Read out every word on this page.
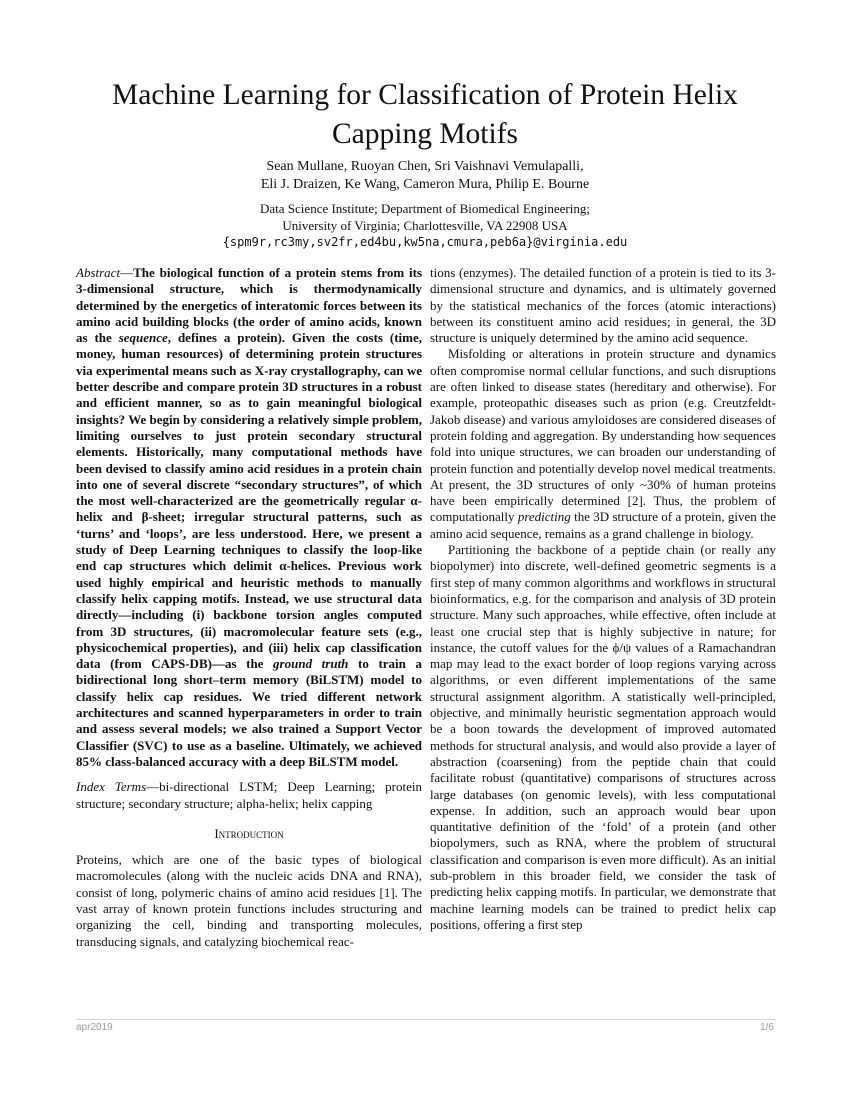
Machine Learning for Classification of Protein Helix Capping Motifs
Sean Mullane, Ruoyan Chen, Sri Vaishnavi Vemulapalli,
Eli J. Draizen, Ke Wang, Cameron Mura, Philip E. Bourne
Data Science Institute; Department of Biomedical Engineering;
University of Virginia; Charlottesville, VA 22908 USA
{spm9r,rc3my,sv2fr,ed4bu,kw5na,cmura,peb6a}@virginia.edu

Abstract—The biological function of a protein stems from its 3-dimensional structure, which is thermodynamically determined by the energetics of interatomic forces between its amino acid building blocks (the order of amino acids, known as the sequence, defines a protein). Given the costs (time, money, human resources) of determining protein structures via experimental means such as X-ray crystallography, can we better describe and compare protein 3D structures in a robust and efficient manner, so as to gain meaningful biological insights? We begin by considering a relatively simple problem, limiting ourselves to just protein secondary structural elements. Historically, many computational methods have been devised to classify amino acid residues in a protein chain into one of several discrete “secondary structures”, of which the most well-characterized are the geometrically regular α-helix and β-sheet; irregular structural patterns, such as ‘turns’ and ‘loops’, are less understood. Here, we present a study of Deep Learning techniques to classify the loop-like end cap structures which delimit α-helices. Previous work used highly empirical and heuristic methods to manually classify helix capping motifs. Instead, we use structural data directly—including (i) backbone torsion angles computed from 3D structures, (ii) macromolecular feature sets (e.g., physicochemical properties), and (iii) helix cap classification data (from CAPS-DB)—as the ground truth to train a bidirectional long short–term memory (BiLSTM) model to classify helix cap residues. We tried different network architectures and scanned hyperparameters in order to train and assess several models; we also trained a Support Vector Classifier (SVC) to use as a baseline. Ultimately, we achieved 85% class-balanced accuracy with a deep BiLSTM model.

Index Terms—bi-directional LSTM; Deep Learning; protein structure; secondary structure; alpha-helix; helix capping

Introduction

Proteins, which are one of the basic types of biological macromolecules (along with the nucleic acids DNA and RNA), consist of long, polymeric chains of amino acid residues [1]. The vast array of known protein functions includes structuring and organizing the cell, binding and transporting molecules, transducing signals, and catalyzing biochemical reac-

tions (enzymes). The detailed function of a protein is tied to its 3-dimensional structure and dynamics, and is ultimately governed by the statistical mechanics of the forces (atomic interactions) between its constituent amino acid residues; in general, the 3D structure is uniquely determined by the amino acid sequence.

Misfolding or alterations in protein structure and dynamics often compromise normal cellular functions, and such disruptions are often linked to disease states (hereditary and otherwise). For example, proteopathic diseases such as prion (e.g. Creutzfeldt-Jakob disease) and various amyloidoses are considered diseases of protein folding and aggregation. By understanding how sequences fold into unique structures, we can broaden our understanding of protein function and potentially develop novel medical treatments. At present, the 3D structures of only ~30% of human proteins have been empirically determined [2]. Thus, the problem of computationally predicting the 3D structure of a protein, given the amino acid sequence, remains as a grand challenge in biology.

Partitioning the backbone of a peptide chain (or really any biopolymer) into discrete, well-defined geometric segments is a first step of many common algorithms and workflows in structural bioinformatics, e.g. for the comparison and analysis of 3D protein structure. Many such approaches, while effective, often include at least one crucial step that is highly subjective in nature; for instance, the cutoff values for the ϕ/ψ values of a Ramachandran map may lead to the exact border of loop regions varying across algorithms, or even different implementations of the same structural assignment algorithm. A statistically well-principled, objective, and minimally heuristic segmentation approach would be a boon towards the development of improved automated methods for structural analysis, and would also provide a layer of abstraction (coarsening) from the peptide chain that could facilitate robust (quantitative) comparisons of structures across large databases (on genomic levels), with less computational expense. In addition, such an approach would bear upon quantitative definition of the ‘fold’ of a protein (and other biopolymers, such as RNA, where the problem of structural classification and comparison is even more difficult). As an initial sub-problem in this broader field, we consider the task of predicting helix capping motifs. In particular, we demonstrate that machine learning models can be trained to predict helix cap positions, offering a first step

apr2019	1/6
